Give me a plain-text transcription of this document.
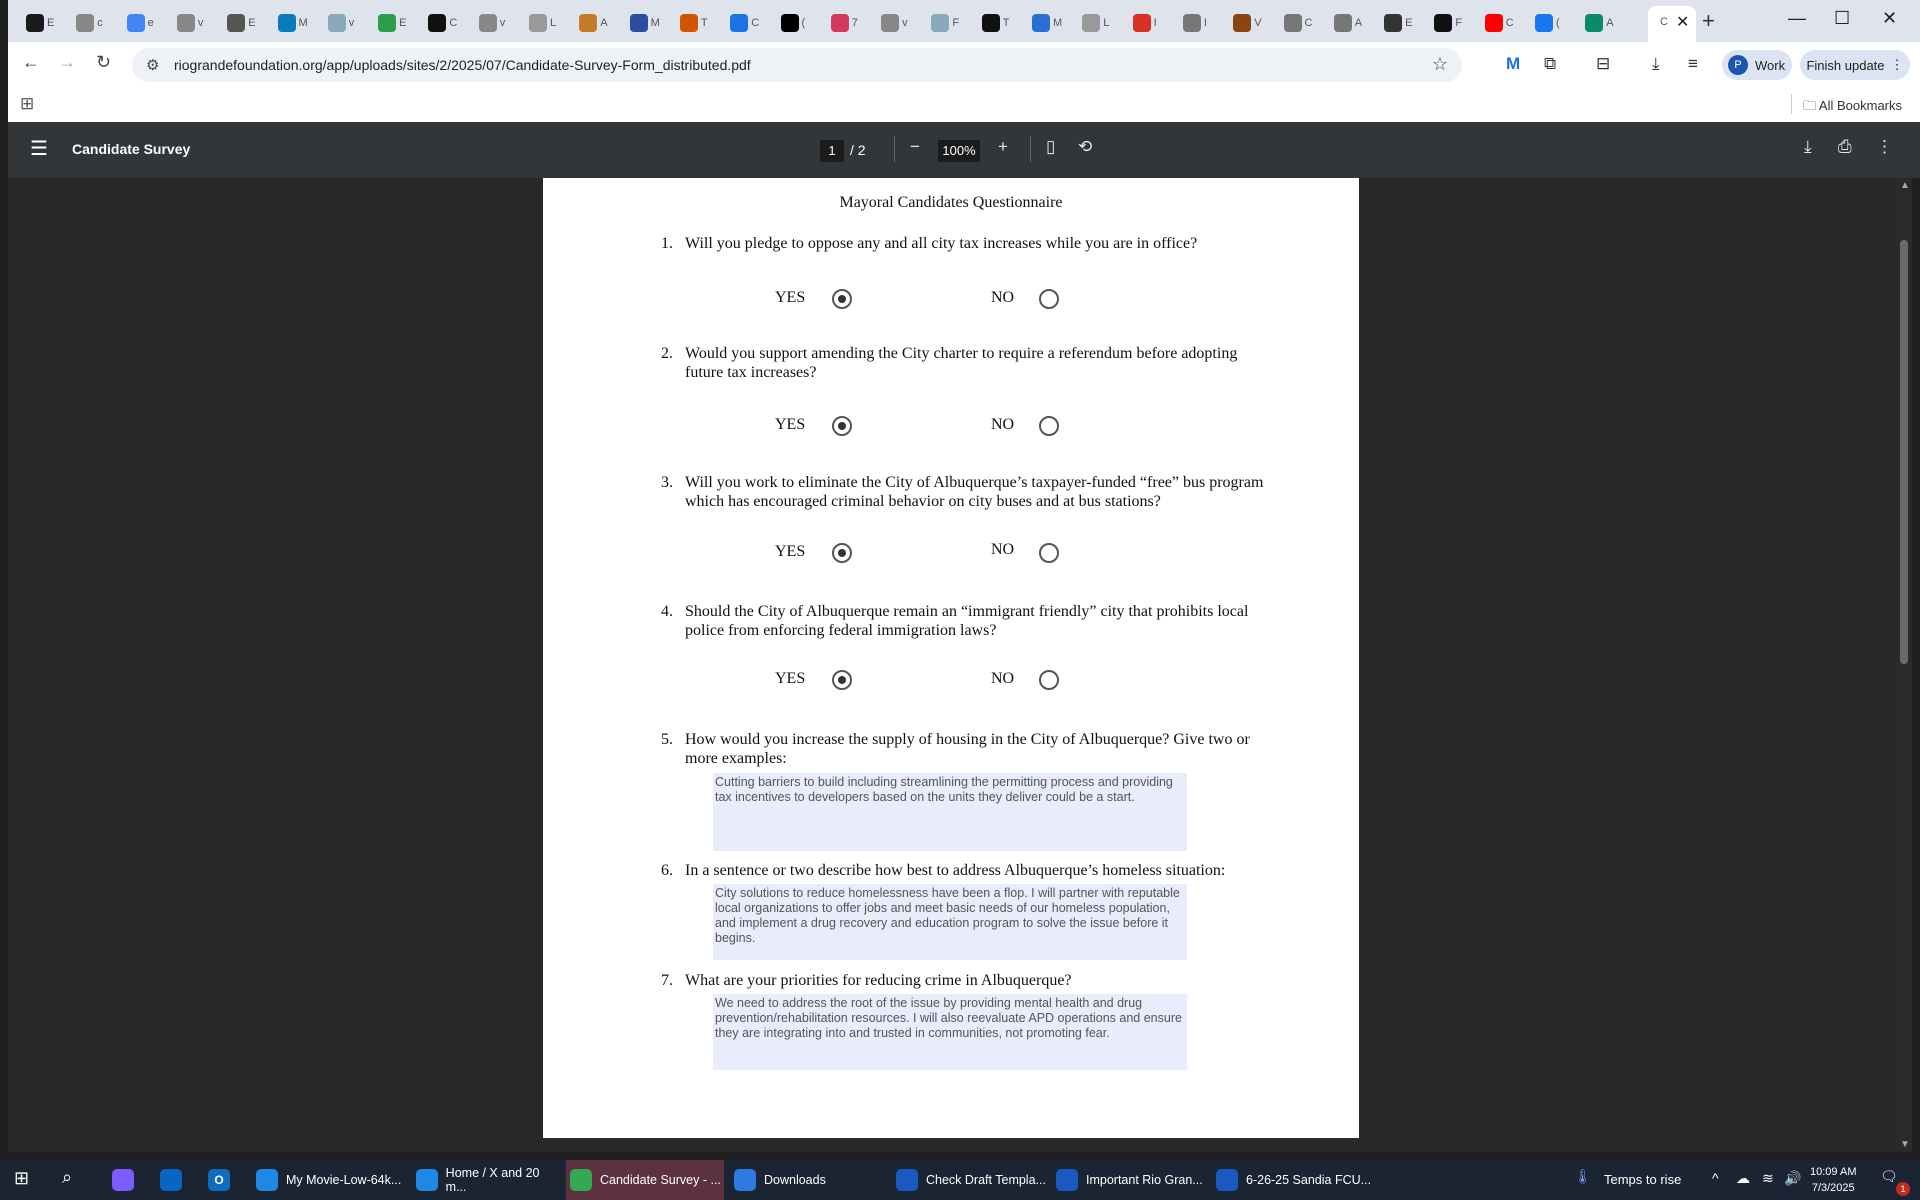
E	c	e	v	E	M	v	E	C	v	L	A	M	T	C	(	7	v	F	T	M	L	I	I	V	C	A	E	F	C	(	A	C ✕ +	— ☐ ✕
← → ↻ ⚙ riograndefoundation.org/app/uploads/sites/2/2025/07/Candidate-Survey-Form_distributed.pdf	☆	M ⧉ ⊟ ⤓ ≡	P	Work Finish update ⋮
⊞	🗀 All Bookmarks
☰ Candidate Survey	1	/ 2	−	100% + ▯ ⟲	⤓ ⎙ ⋮
Mayoral Candidates Questionnaire
1. Will you pledge to oppose any and all city tax increases while you are in office?
YES	NO
2. Would you support amending the City charter to require a referendum before adopting future tax increases?
YES	NO
3. Will you work to eliminate the City of Albuquerque’s taxpayer-funded “free” bus program which has encouraged criminal behavior on city buses and at bus stations?
YES	NO
4. Should the City of Albuquerque remain an “immigrant friendly” city that prohibits local police from enforcing federal immigration laws?
YES	NO
5. How would you increase the supply of housing in the City of Albuquerque? Give two or more examples:
Cutting barriers to build including streamlining the permitting process and providing tax incentives to developers based on the units they deliver could be a start.
6. In a sentence or two describe how best to address Albuquerque’s homeless situation:
City solutions to reduce homelessness have been a flop. I will partner with reputable local organizations to offer jobs and meet basic needs of our homeless population, and implement a drug recovery and education program to solve the issue before it begins.
7. What are your priorities for reducing crime in Albuquerque?
We need to address the root of the issue by providing mental health and drug prevention/rehabilitation resources. I will also reevaluate APD operations and ensure they are integrating into and trusted in communities, not promoting fear.
▲
▼
⊞ ⌕	O	My Movie-Low-64k...	Home / X and 20 m...	Candidate Survey - ...	Downloads	Check Draft Templa...	Important Rio Gran...	6-26-25 Sandia FCU...	🌡 Temps to rise ^ ☁ ≋ 🔊 10:09 AM
7/3/2025
🗨
1
